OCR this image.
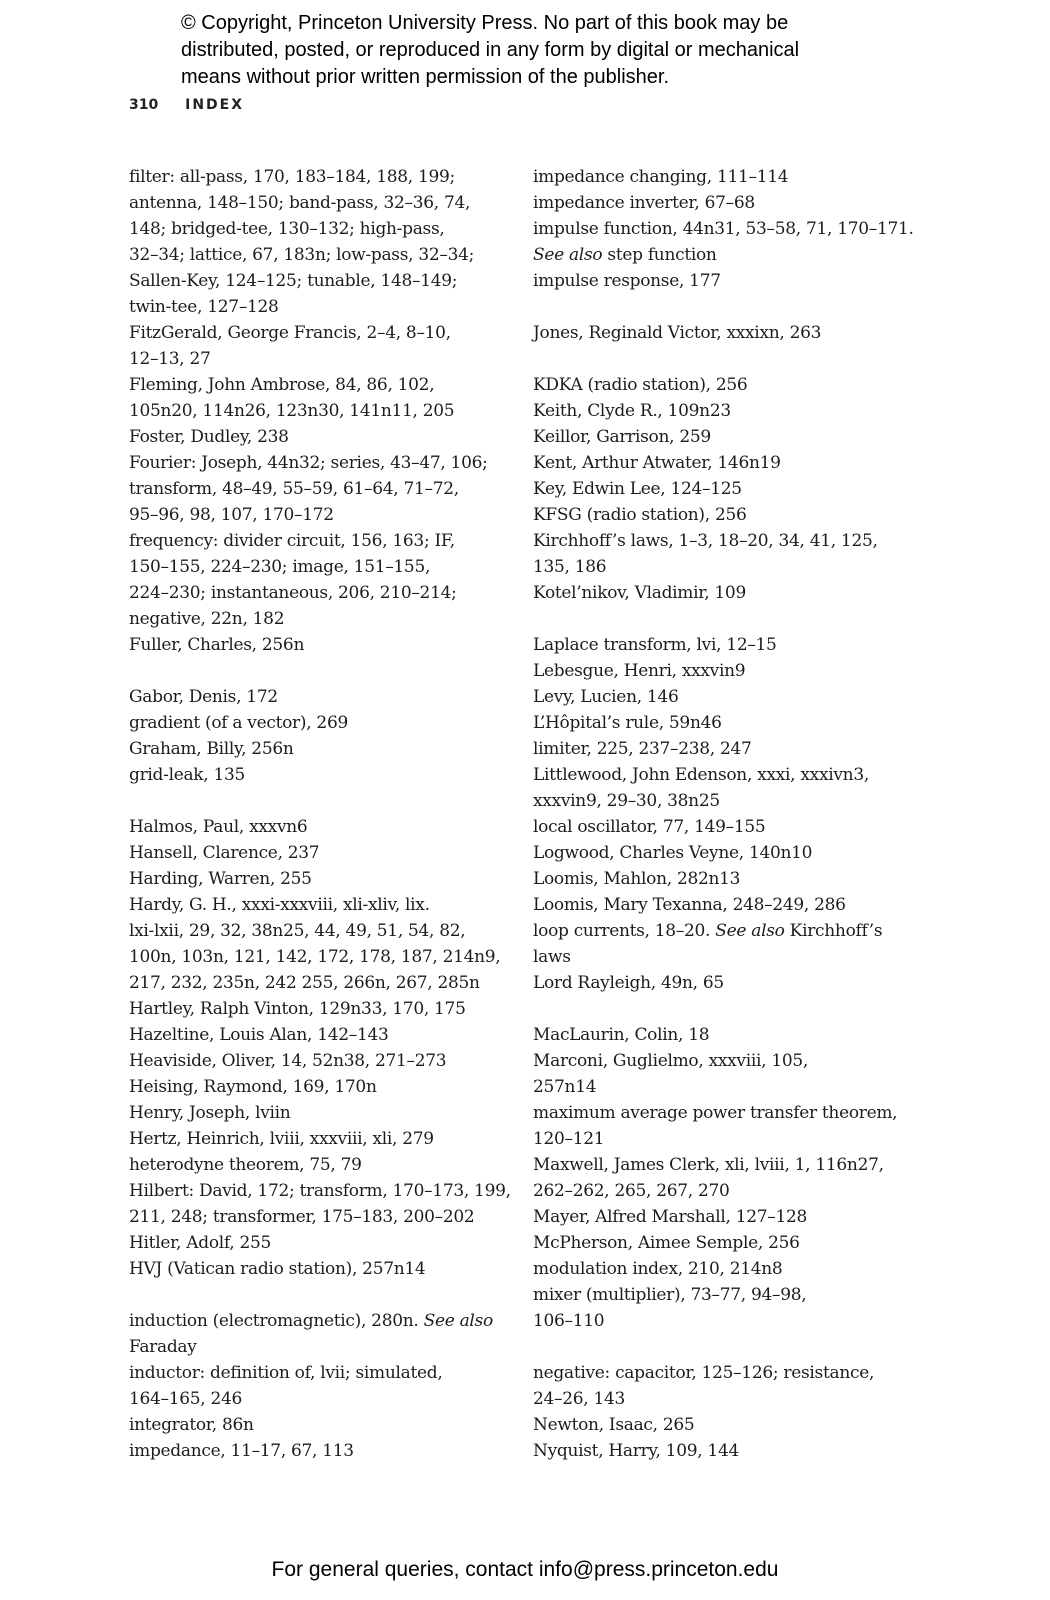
© Copyright, Princeton University Press. No part of this book may be
distributed, posted, or reproduced in any form by digital or mechanical
means without prior written permission of the publisher.
310 INDEX
filter: all-pass, 170, 183–184, 188, 199;
antenna, 148–150; band-pass, 32–36, 74,
148; bridged-tee, 130–132; high-pass,
32–34; lattice, 67, 183n; low-pass, 32–34;
Sallen-Key, 124–125; tunable, 148–149;
twin-tee, 127–128
FitzGerald, George Francis, 2–4, 8–10,
12–13, 27
Fleming, John Ambrose, 84, 86, 102,
105n20, 114n26, 123n30, 141n11, 205
Foster, Dudley, 238
Fourier: Joseph, 44n32; series, 43–47, 106;
transform, 48–49, 55–59, 61–64, 71–72,
95–96, 98, 107, 170–172
frequency: divider circuit, 156, 163; IF,
150–155, 224–230; image, 151–155,
224–230; instantaneous, 206, 210–214;
negative, 22n, 182
Fuller, Charles, 256n
Gabor, Denis, 172
gradient (of a vector), 269
Graham, Billy, 256n
grid-leak, 135
Halmos, Paul, xxxvn6
Hansell, Clarence, 237
Harding, Warren, 255
Hardy, G. H., xxxi-xxxviii, xli-xliv, lix.
lxi-lxii, 29, 32, 38n25, 44, 49, 51, 54, 82,
100n, 103n, 121, 142, 172, 178, 187, 214n9,
217, 232, 235n, 242 255, 266n, 267, 285n
Hartley, Ralph Vinton, 129n33, 170, 175
Hazeltine, Louis Alan, 142–143
Heaviside, Oliver, 14, 52n38, 271–273
Heising, Raymond, 169, 170n
Henry, Joseph, lviin
Hertz, Heinrich, lviii, xxxviii, xli, 279
heterodyne theorem, 75, 79
Hilbert: David, 172; transform, 170–173, 199,
211, 248; transformer, 175–183, 200–202
Hitler, Adolf, 255
HVJ (Vatican radio station), 257n14
induction (electromagnetic), 280n. See also
Faraday
inductor: definition of, lvii; simulated,
164–165, 246
integrator, 86n
impedance, 11–17, 67, 113
impedance changing, 111–114
impedance inverter, 67–68
impulse function, 44n31, 53–58, 71, 170–171.
See also step function
impulse response, 177
Jones, Reginald Victor, xxxixn, 263
KDKA (radio station), 256
Keith, Clyde R., 109n23
Keillor, Garrison, 259
Kent, Arthur Atwater, 146n19
Key, Edwin Lee, 124–125
KFSG (radio station), 256
Kirchhoff’s laws, 1–3, 18–20, 34, 41, 125,
135, 186
Kotel’nikov, Vladimir, 109
Laplace transform, lvi, 12–15
Lebesgue, Henri, xxxvin9
Levy, Lucien, 146
L’Hôpital’s rule, 59n46
limiter, 225, 237–238, 247
Littlewood, John Edenson, xxxi, xxxivn3,
xxxvin9, 29–30, 38n25
local oscillator, 77, 149–155
Logwood, Charles Veyne, 140n10
Loomis, Mahlon, 282n13
Loomis, Mary Texanna, 248–249, 286
loop currents, 18–20. See also Kirchhoff’s
laws
Lord Rayleigh, 49n, 65
MacLaurin, Colin, 18
Marconi, Guglielmo, xxxviii, 105,
257n14
maximum average power transfer theorem,
120–121
Maxwell, James Clerk, xli, lviii, 1, 116n27,
262–262, 265, 267, 270
Mayer, Alfred Marshall, 127–128
McPherson, Aimee Semple, 256
modulation index, 210, 214n8
mixer (multiplier), 73–77, 94–98,
106–110
negative: capacitor, 125–126; resistance,
24–26, 143
Newton, Isaac, 265
Nyquist, Harry, 109, 144
For general queries, contact info@press.princeton.edu
